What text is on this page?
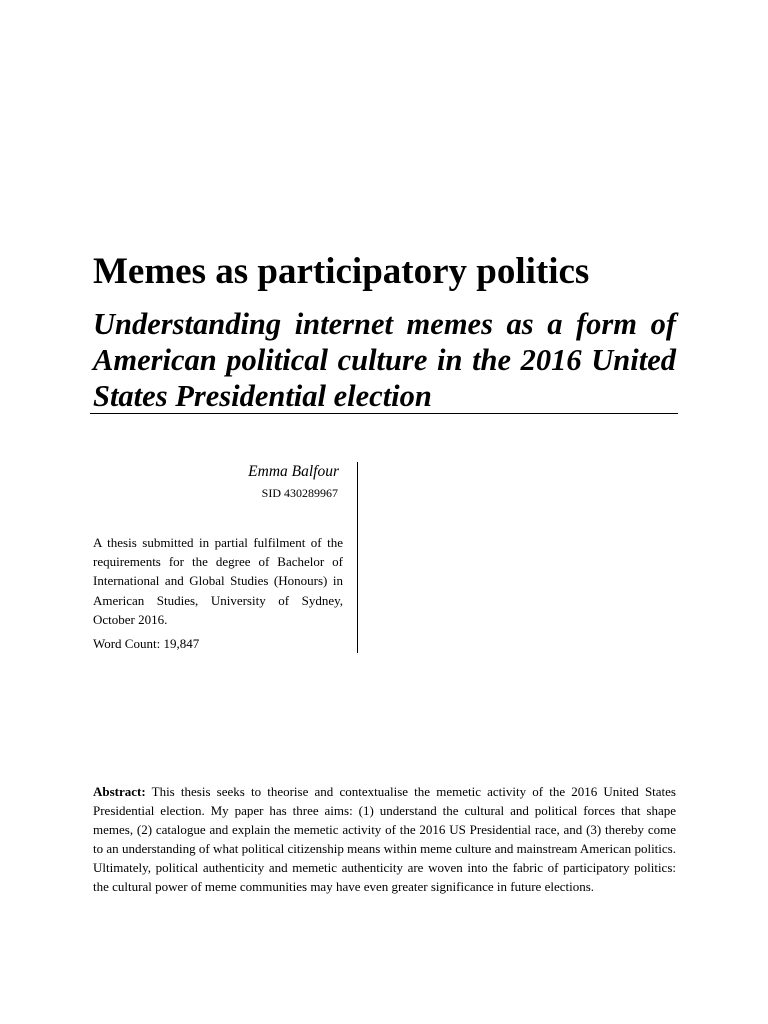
Memes as participatory politics
Understanding internet memes as a form of American political culture in the 2016 United States Presidential election
Emma Balfour
SID 430289967

A thesis submitted in partial fulfilment of the requirements for the degree of Bachelor of International and Global Studies (Honours) in American Studies, University of Sydney, October 2016.

Word Count: 19,847

Abstract: This thesis seeks to theorise and contextualise the memetic activity of the 2016 United States Presidential election. My paper has three aims: (1) understand the cultural and political forces that shape memes, (2) catalogue and explain the memetic activity of the 2016 US Presidential race, and (3) thereby come to an understanding of what political citizenship means within meme culture and mainstream American politics. Ultimately, political authenticity and memetic authenticity are woven into the fabric of participatory politics: the cultural power of meme communities may have even greater significance in future elections.
